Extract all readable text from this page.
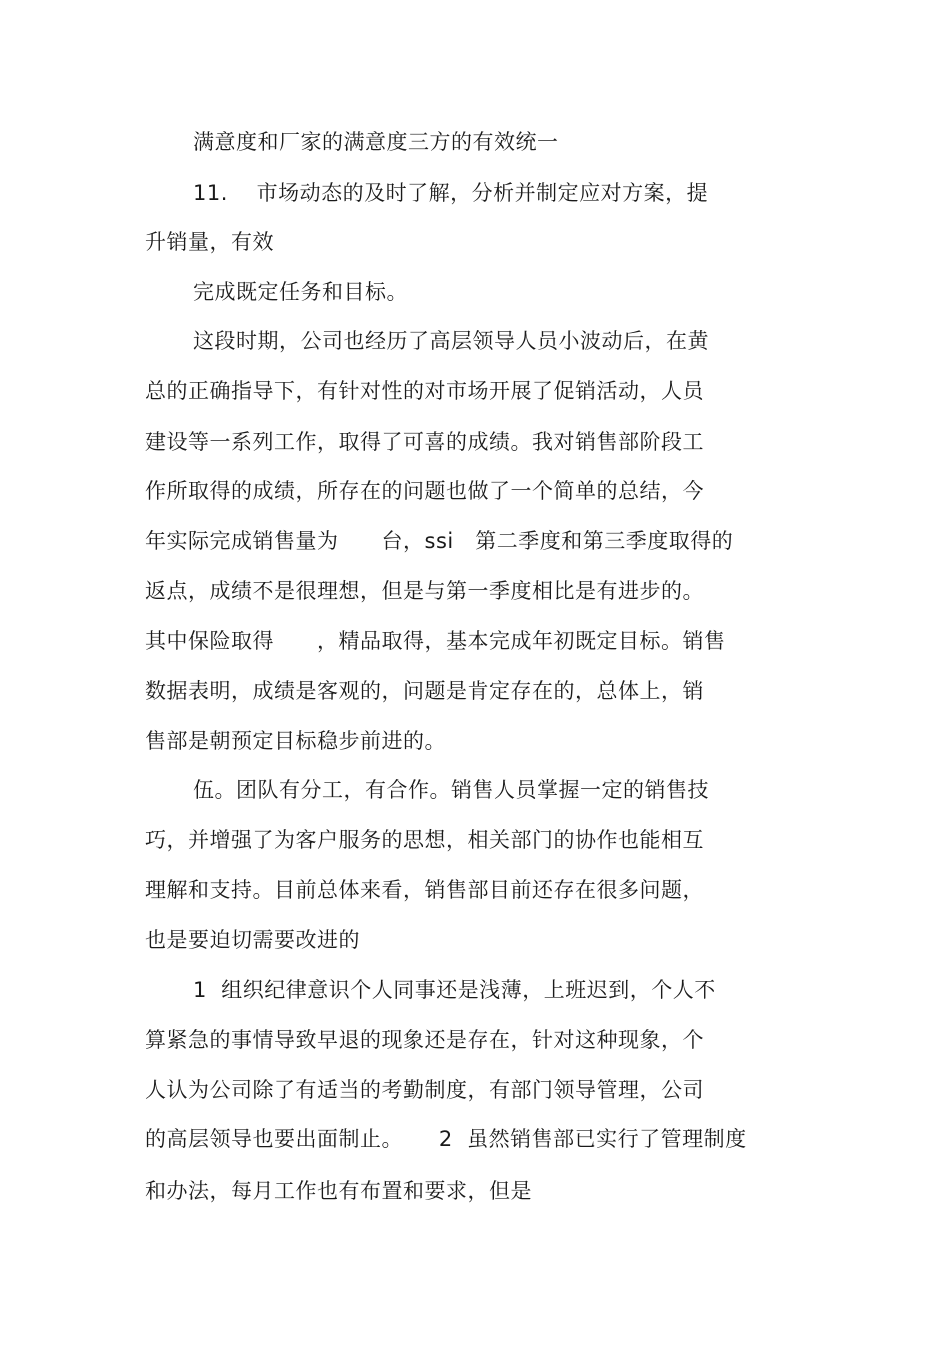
满意度和厂家的满意度三方的有效统一
11.    市场动态的及时了解，分析并制定应对方案，提
升销量，有效
完成既定任务和目标。
这段时期，公司也经历了高层领导人员小波动后，在黄
总的正确指导下，有针对性的对市场开展了促销活动，人员
建设等一系列工作，取得了可喜的成绩。我对销售部阶段工
作所取得的成绩，所存在的问题也做了一个简单的总结，今
年实际完成销售量为      台，ssi   第二季度和第三季度取得的
返点，成绩不是很理想，但是与第一季度相比是有进步的。
其中保险取得      ，精品取得，基本完成年初既定目标。销售
数据表明，成绩是客观的，问题是肯定存在的，总体上，销
售部是朝预定目标稳步前进的。
伍。团队有分工，有合作。销售人员掌握一定的销售技
巧，并增强了为客户服务的思想，相关部门的协作也能相互
理解和支持。目前总体来看，销售部目前还存在很多问题，
也是要迫切需要改进的
1  组织纪律意识个人同事还是浅薄，上班迟到，个人不
算紧急的事情导致早退的现象还是存在，针对这种现象，个
人认为公司除了有适当的考勤制度，有部门领导管理，公司
的高层领导也要出面制止。     2  虽然销售部已实行了管理制度
和办法，每月工作也有布置和要求，但是
